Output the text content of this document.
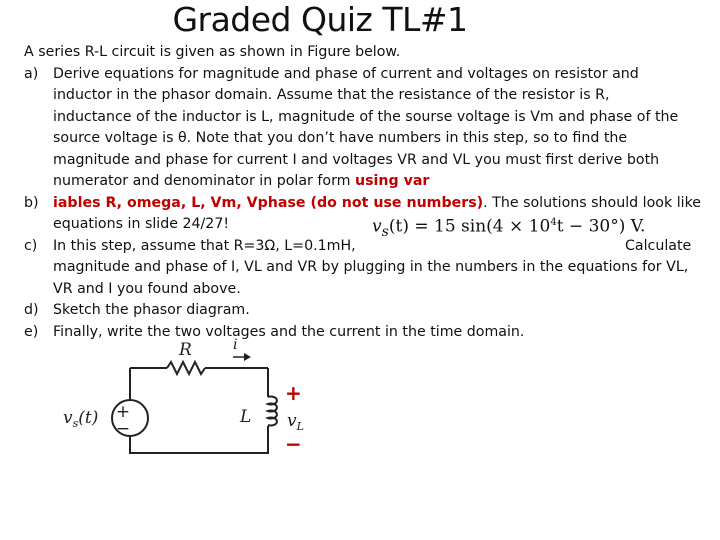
Graded Quiz TL#1
A series R-L circuit is given as shown in Figure below.
a) Derive equations for magnitude and phase of current and voltages on resistor and
inductor in the phasor domain. Assume that the resistance of the resistor is R,
inductance of the inductor is L, magnitude of the sourse voltage is Vm and phase of the
source voltage is θ. Note that you don’t have numbers in this step, so to find the
magnitude and phase for current I and voltages VR and VL you must first derive both
numerator and denominator in polar form using var
b) iables R, omega, L, Vm, Vphase (do not use numbers). The solutions should look like
equations in slide 24/27!	$v_s(t) = 15$ $\sin(4 \times 10^4t - 30^\circ)$ V.
c) In this step, assume that R=3Ω, L=0.1mH,	Calculate
magnitude and phase of I, VL and VR by plugging in the numbers in the equations for VL,
VR and I you found above.
d) Sketch the phasor diagram.
e) Finally, write the two voltages and the current in the time domain.
R	i
+
−
$v_s(t)$	L
+
$v_L$
−
